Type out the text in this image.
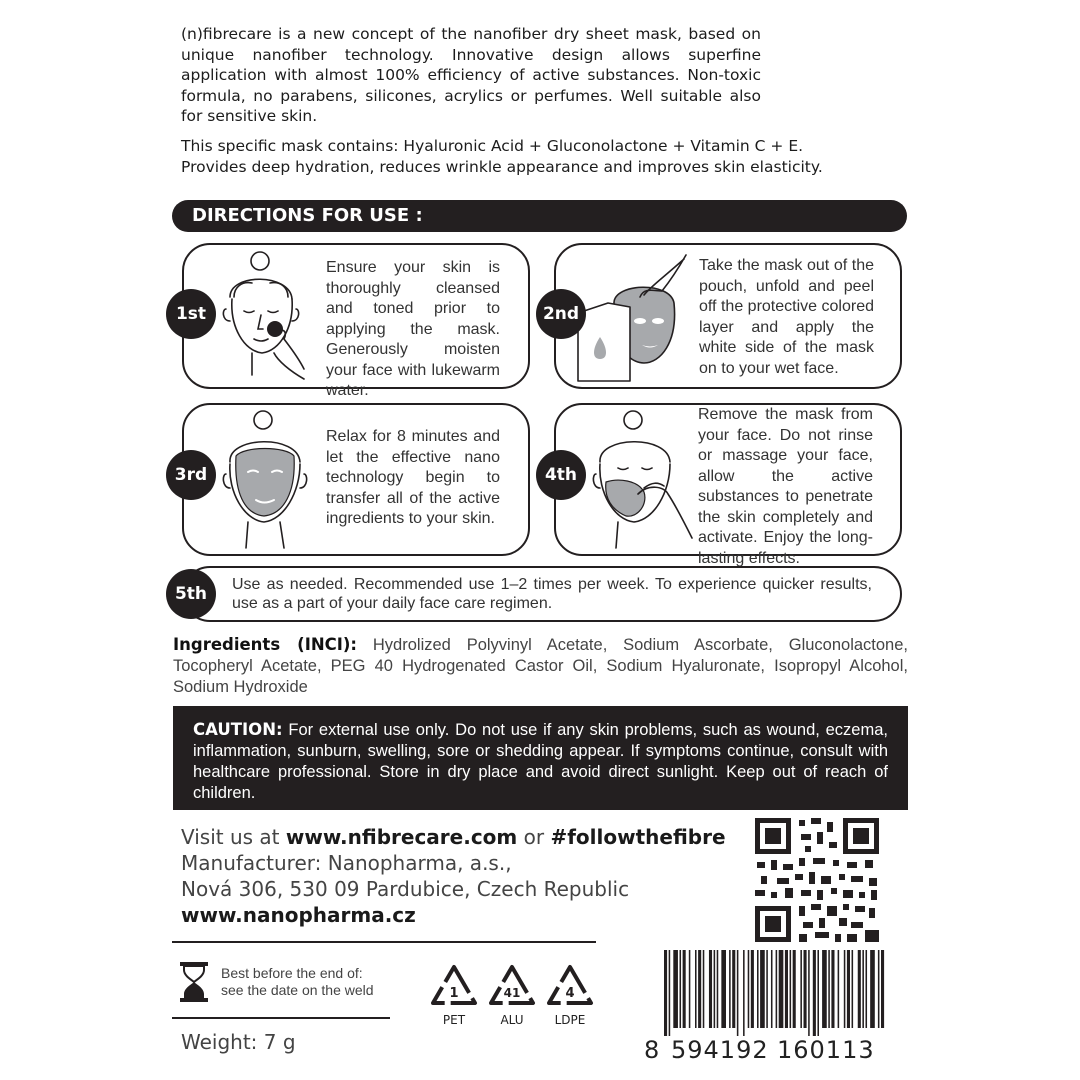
(n)fibrecare is a new concept of the nanofiber dry sheet mask, based on unique nanofiber technology. Innovative design allows superfine application with almost 100% efficiency of active substances. Non-toxic formula, no parabens, silicones, acrylics or perfumes. Well suitable also for sensitive skin.

This specific mask contains: Hyaluronic Acid + Gluconolactone + Vitamin C + E. Provides deep hydration, reduces wrinkle appearance and improves skin elasticity.

DIRECTIONS FOR USE :
1st

Ensure your skin is thoroughly cleansed and toned prior to applying the mask. Generously moisten your face with lukewarm water.

2nd

Take the mask out of the pouch, unfold and peel off the protective colored layer and apply the white side of the mask on to your wet face.

3rd

Relax for 8 minutes and let the effective nano technology begin to transfer all of the active ingredients to your skin.

4th

Remove the mask from your face. Do not rinse or massage your face, allow the active substances to penetrate the skin completely and activate. Enjoy the long-lasting effects.

5th	Use as needed. Recommended use 1–2 times per week. To experience quicker results, use as a part of your daily face care regimen.

Ingredients (INCI): Hydrolized Polyvinyl Acetate, Sodium Ascorbate, Gluconolactone, Tocopheryl Acetate, PEG 40 Hydrogenated Castor Oil, Sodium Hyaluronate, Isopropyl Alcohol, Sodium Hydroxide

CAUTION: For external use only. Do not use if any skin problems, such as wound, eczema, inflammation, sunburn, swelling, sore or shedding appear. If symptoms continue, consult with healthcare professional. Store in dry place and avoid direct sunlight. Keep out of reach of children.
Visit us at www.nfibrecare.com or #followthefibre
Manufacturer: Nanopharma, a.s.,
Nová 306, 530 09 Pardubice, Czech Republic
www.nanopharma.cz
Best before the end of:
see the date on the weld	1
PET
41
ALU
4
LDPE
Weight: 7 g	8 594192 160113
